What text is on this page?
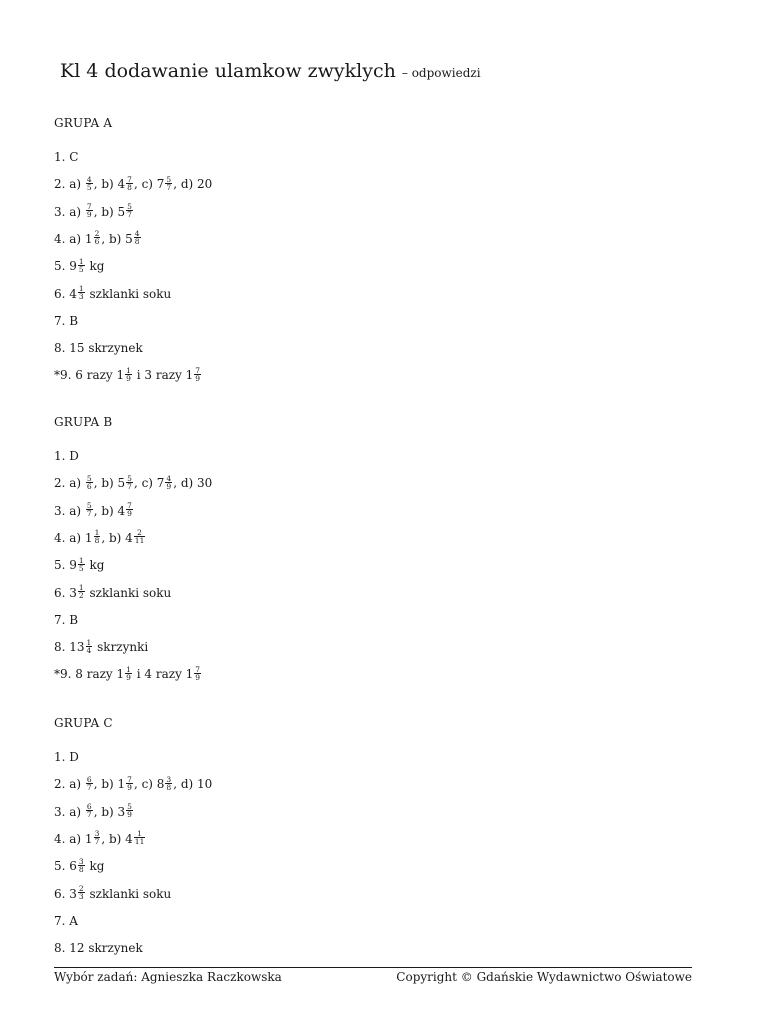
Kl 4 dodawanie ulamkow zwyklych – odpowiedzi
GRUPA A
1. C
2. $a) \frac{4}{5}$ , b) $4 \frac{7}{8}$ , c) $7 \frac{5}{7}$ , d) 20
3. $a) \frac{7}{9}$ , b) $5 \frac{5}{7}$
4. a) $1 \frac{2}{6}$ , b) $5 \frac{4}{8}$
5. $9 \frac{1}{5}$ kg
6. $4 \frac{1}{3}$ szklanki soku
7. B
8. 15 skrzynek
*9. 6 razy $1 \frac{1}{9}$ i 3 razy $1 \frac{7}{9}$
GRUPA B
1. D
2. $a) \frac{5}{6}$ , b) $5 \frac{5}{7}$ , c) $7 \frac{4}{9}$ , d) 30
3. $a) \frac{5}{7}$ , b) $4 \frac{7}{9}$
4. a) $1 \frac{1}{8}$ , b) $4 \frac{2}{11}$
5. $9 \frac{1}{5}$ kg
6. $3 \frac{1}{2}$ szklanki soku
7. B
8. $13 \frac{1}{4}$ skrzynki
*9. 8 razy $1 \frac{1}{9}$ i 4 razy $1 \frac{7}{9}$
GRUPA C
1. D
2. $a) \frac{6}{7}$ , b) $1 \frac{7}{9}$ , c) $8 \frac{3}{8}$ , d) 10
3. $a) \frac{6}{7}$ , b) $3 \frac{5}{9}$
4. a) $1 \frac{3}{7}$ , b) $4 \frac{1}{11}$
5. $6 \frac{3}{8}$ kg
6. $3 \frac{2}{3}$ szklanki soku
7. A
8. 12 skrzynek
Wybór zadań: Agnieszka Raczkowska	Copyright © Gdańskie Wydawnictwo Oświatowe
